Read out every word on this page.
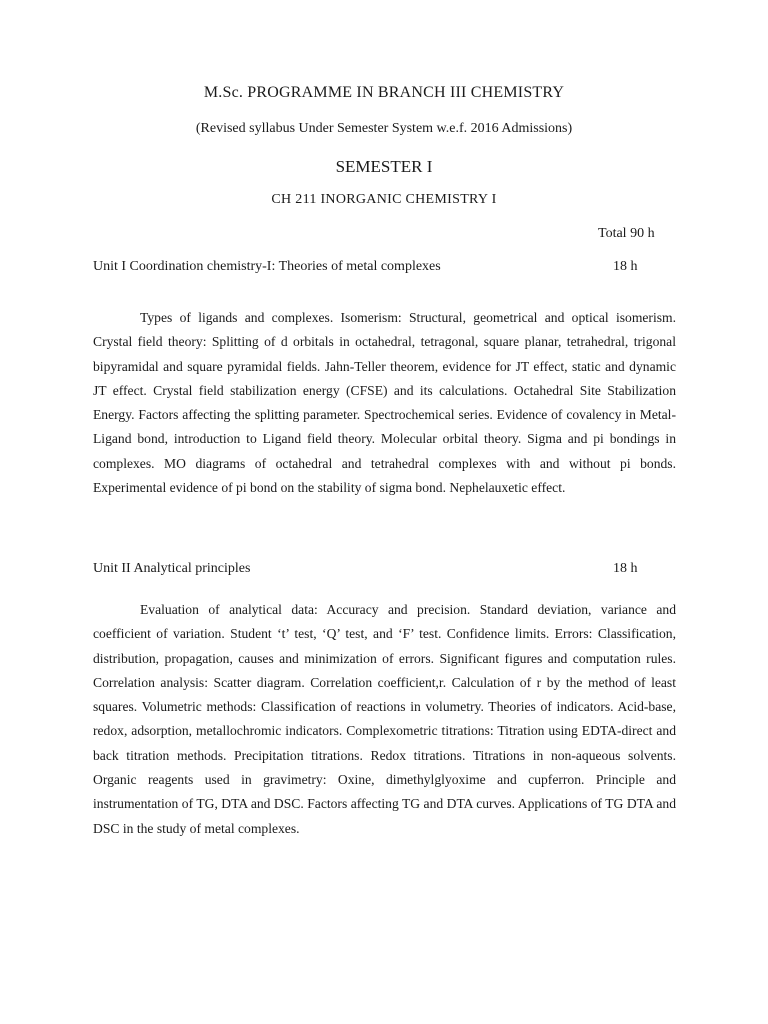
M.Sc. PROGRAMME IN BRANCH III CHEMISTRY

(Revised syllabus Under Semester System w.e.f. 2016 Admissions)

SEMESTER I

CH 211 INORGANIC CHEMISTRY I

Total 90 h
Unit I Coordination chemistry-I: Theories of metal complexes	18 h

Types of ligands and complexes. Isomerism: Structural, geometrical and optical isomerism. Crystal field theory: Splitting of d orbitals in octahedral, tetragonal, square planar, tetrahedral, trigonal bipyramidal and square pyramidal fields. Jahn-Teller theorem, evidence for JT effect, static and dynamic JT effect. Crystal field stabilization energy (CFSE) and its calculations. Octahedral Site Stabilization Energy. Factors affecting the splitting parameter. Spectrochemical series. Evidence of covalency in Metal-Ligand bond, introduction to Ligand field theory. Molecular orbital theory. Sigma and pi bondings in complexes. MO diagrams of octahedral and tetrahedral complexes with and without pi bonds. Experimental evidence of pi bond on the stability of sigma bond. Nephelauxetic effect.

Unit II Analytical principles	18 h

Evaluation of analytical data: Accuracy and precision. Standard deviation, variance and coefficient of variation. Student ‘t’ test, ‘Q’ test, and ‘F’ test. Confidence limits. Errors: Classification, distribution, propagation, causes and minimization of errors. Significant figures and computation rules. Correlation analysis: Scatter diagram. Correlation coefficient,r. Calculation of r by the method of least squares. Volumetric methods: Classification of reactions in volumetry. Theories of indicators. Acid-base, redox, adsorption, metallochromic indicators. Complexometric titrations: Titration using EDTA-direct and back titration methods. Precipitation titrations. Redox titrations. Titrations in non-aqueous solvents. Organic reagents used in gravimetry: Oxine, dimethylglyoxime and cupferron. Principle and instrumentation of TG, DTA and DSC. Factors affecting TG and DTA curves. Applications of TG DTA and DSC in the study of metal complexes.
